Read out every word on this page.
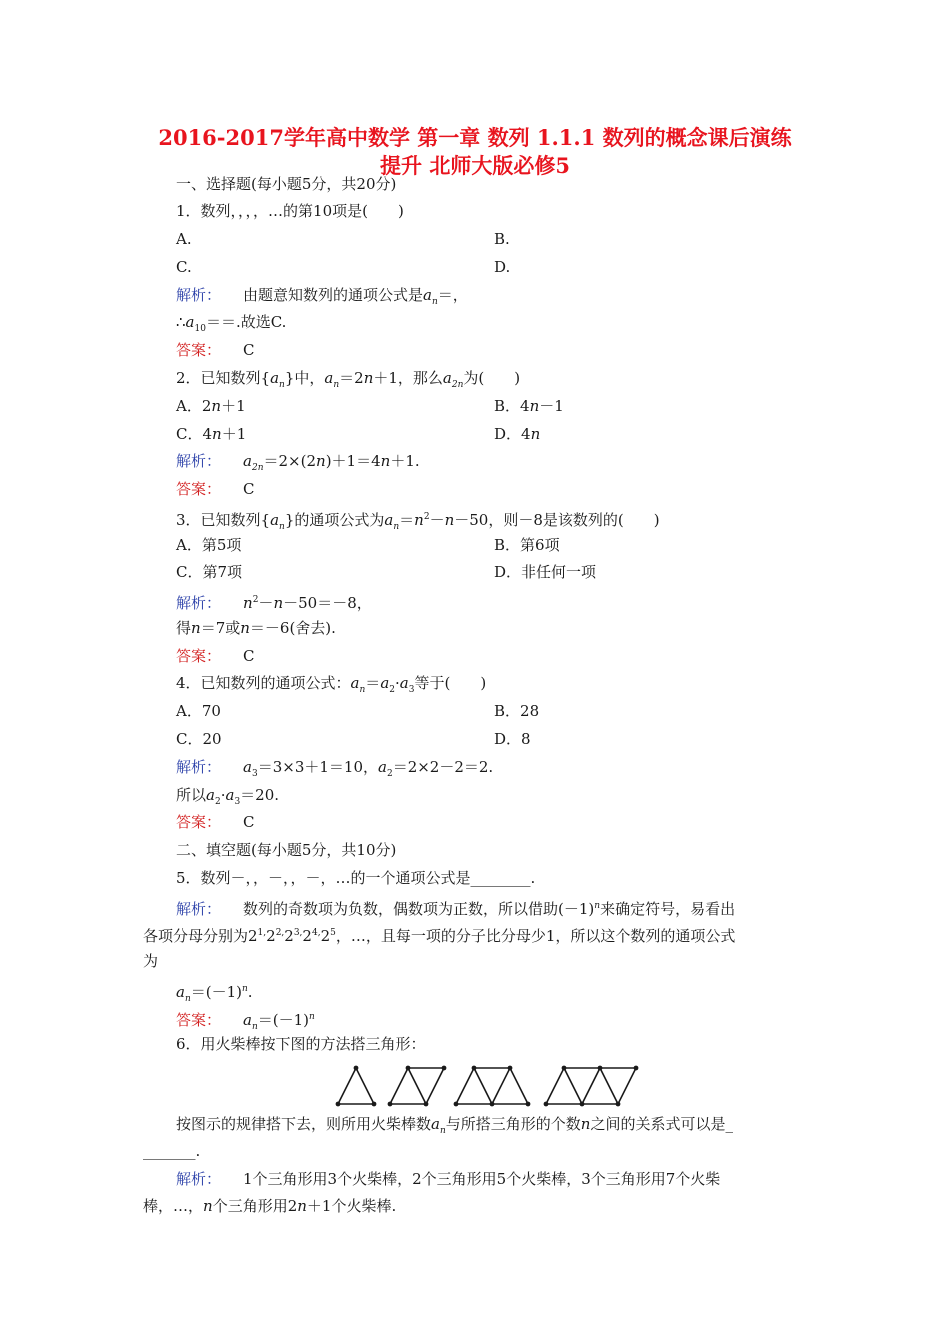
2016-2017学年高中数学 第一章 数列 1.1.1 数列的概念课后演练
提升 北师大版必修5
一、选择题(每小题5分，共20分)
1．数列，，，，…的第10项是(　　)
A.	B.
C.	D.
解析： 由题意知数列的通项公式是$a_n=$，
$\therefore a_{10}==$.故选C.
答案： C
2．已知数列$\{a_n\}$中，$a_n=2n+1$，那么$a_{2n}$为(　　)
A．2n＋1	B．4n－1
C．4n＋1	D．4n
解析： $a_{2n}=2\times(2n)+1=4n+1$.
答案： C
3．已知数列$\{a_n\}$的通项公式为$a_n=n^2-n-50$，则－8是该数列的(　　)
A．第5项	B．第6项
C．第7项	D．非任何一项
解析： $n^2-n-50=-8$，
得n＝7或n＝－6(舍去).
答案： C
4．已知数列的通项公式：$a_n=a_2\cdot a_3$等于(　　)
A．70	B．28
C．20	D．8
解析： $a_3=3\times 3+1=10$，$a_2=2\times 2-2=2$.
所以$a_2\cdot a_3=20$.
答案： C
二、填空题(每小题5分，共10分)
5．数列－，，－，，－，…的一个通项公式是________.
解析： 数列的奇数项为负数，偶数项为正数，所以借助$(-1)^n$来确定符号，易看出
各项分母分别为$2^{1,}2^{2,}2^{3,}2^{4,}2^5$，…，且每一项的分子比分母少1，所以这个数列的通项公式
为
$a_n=(-1)^n$.
答案： $a_n=(-1)^n$
6．用火柴棒按下图的方法搭三角形：
按图示的规律搭下去，则所用火柴棒数$a_n$与所搭三角形的个数n之间的关系式可以是_
_______.
解析： 1个三角形用3个火柴棒，2个三角形用5个火柴棒，3个三角形用7个火柴
棒，…，n个三角形用2n＋1个火柴棒.
